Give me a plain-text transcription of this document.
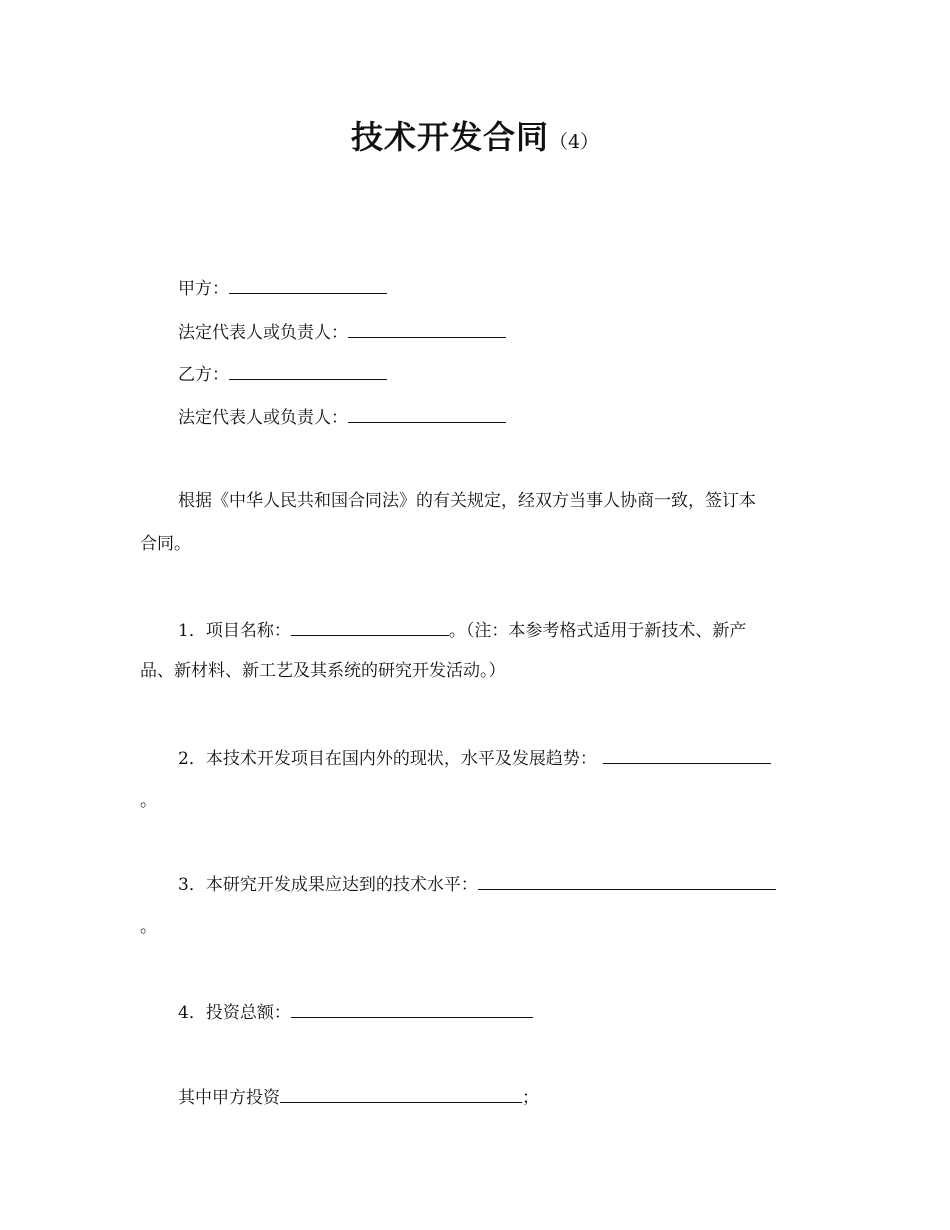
技术开发合同（4）
甲方：
法定代表人或负责人：
乙方：
法定代表人或负责人：
根据《中华人民共和国合同法》的有关规定，经双方当事人协商一致，签订本
合同。
1．项目名称：	。（注：本参考格式适用于新技术、新产
品、新材料、新工艺及其系统的研究开发活动。）
2．本技术开发项目在国内外的现状，水平及发展趋势：
。
3．本研究开发成果应达到的技术水平：
。
4．投资总额：
其中甲方投资	；
